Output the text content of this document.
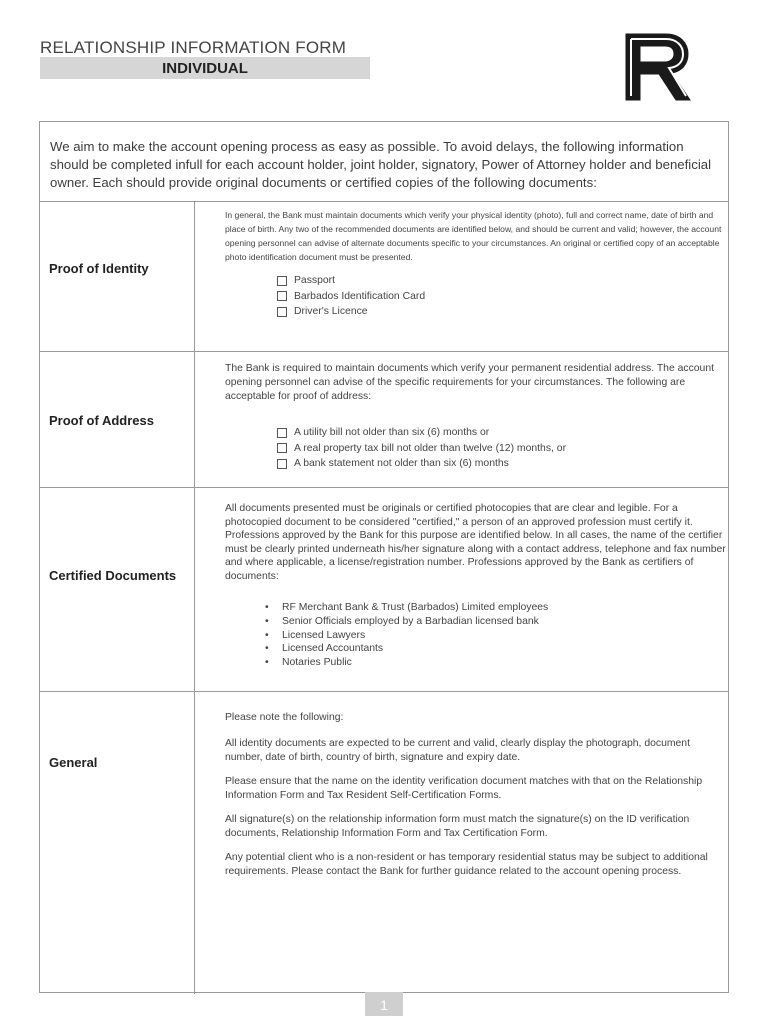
RELATIONSHIP INFORMATION FORM
INDIVIDUAL
We aim to make the account opening process as easy as possible. To avoid delays, the following information should be completed infull for each account holder, joint holder, signatory, Power of Attorney holder and beneficial owner. Each should provide original documents or certified copies of the following documents:
Proof of Identity
In general, the Bank must maintain documents which verify your physical identity (photo), full and correct name, date of birth and place of birth. Any two of the recommended documents are identified below, and should be current and valid; however, the account opening personnel can advise of alternate documents specific to your circumstances. An original or certified copy of an acceptable photo identification document must be presented.
Passport
Barbados Identification Card
Driver's Licence
Proof of Address
The Bank is required to maintain documents which verify your permanent residential address. The account opening personnel can advise of the specific requirements for your circumstances. The following are acceptable for proof of address:
A utility bill not older than six (6) months or
A real property tax bill not older than twelve (12) months, or
A bank statement not older than six (6) months
Certified Documents
All documents presented must be originals or certified photocopies that are clear and legible. For a photocopied document to be considered "certified," a person of an approved profession must certify it. Professions approved by the Bank for this purpose are identified below. In all cases, the name of the certifier must be clearly printed underneath his/her signature along with a contact address, telephone and fax number and where applicable, a license/registration number. Professions approved by the Bank as certifiers of documents:
• RF Merchant Bank & Trust (Barbados) Limited employees
• Senior Officials employed by a Barbadian licensed bank
• Licensed Lawyers
• Licensed Accountants
• Notaries Public
General

Please note the following:

All identity documents are expected to be current and valid, clearly display the photograph, document number, date of birth, country of birth, signature and expiry date.

Please ensure that the name on the identity verification document matches with that on the Relationship Information Form and Tax Resident Self-Certification Forms.

All signature(s) on the relationship information form must match the signature(s) on the ID verification documents, Relationship Information Form and Tax Certification Form.

Any potential client who is a non-resident or has temporary residential status may be subject to additional requirements. Please contact the Bank for further guidance related to the account opening process.

1
